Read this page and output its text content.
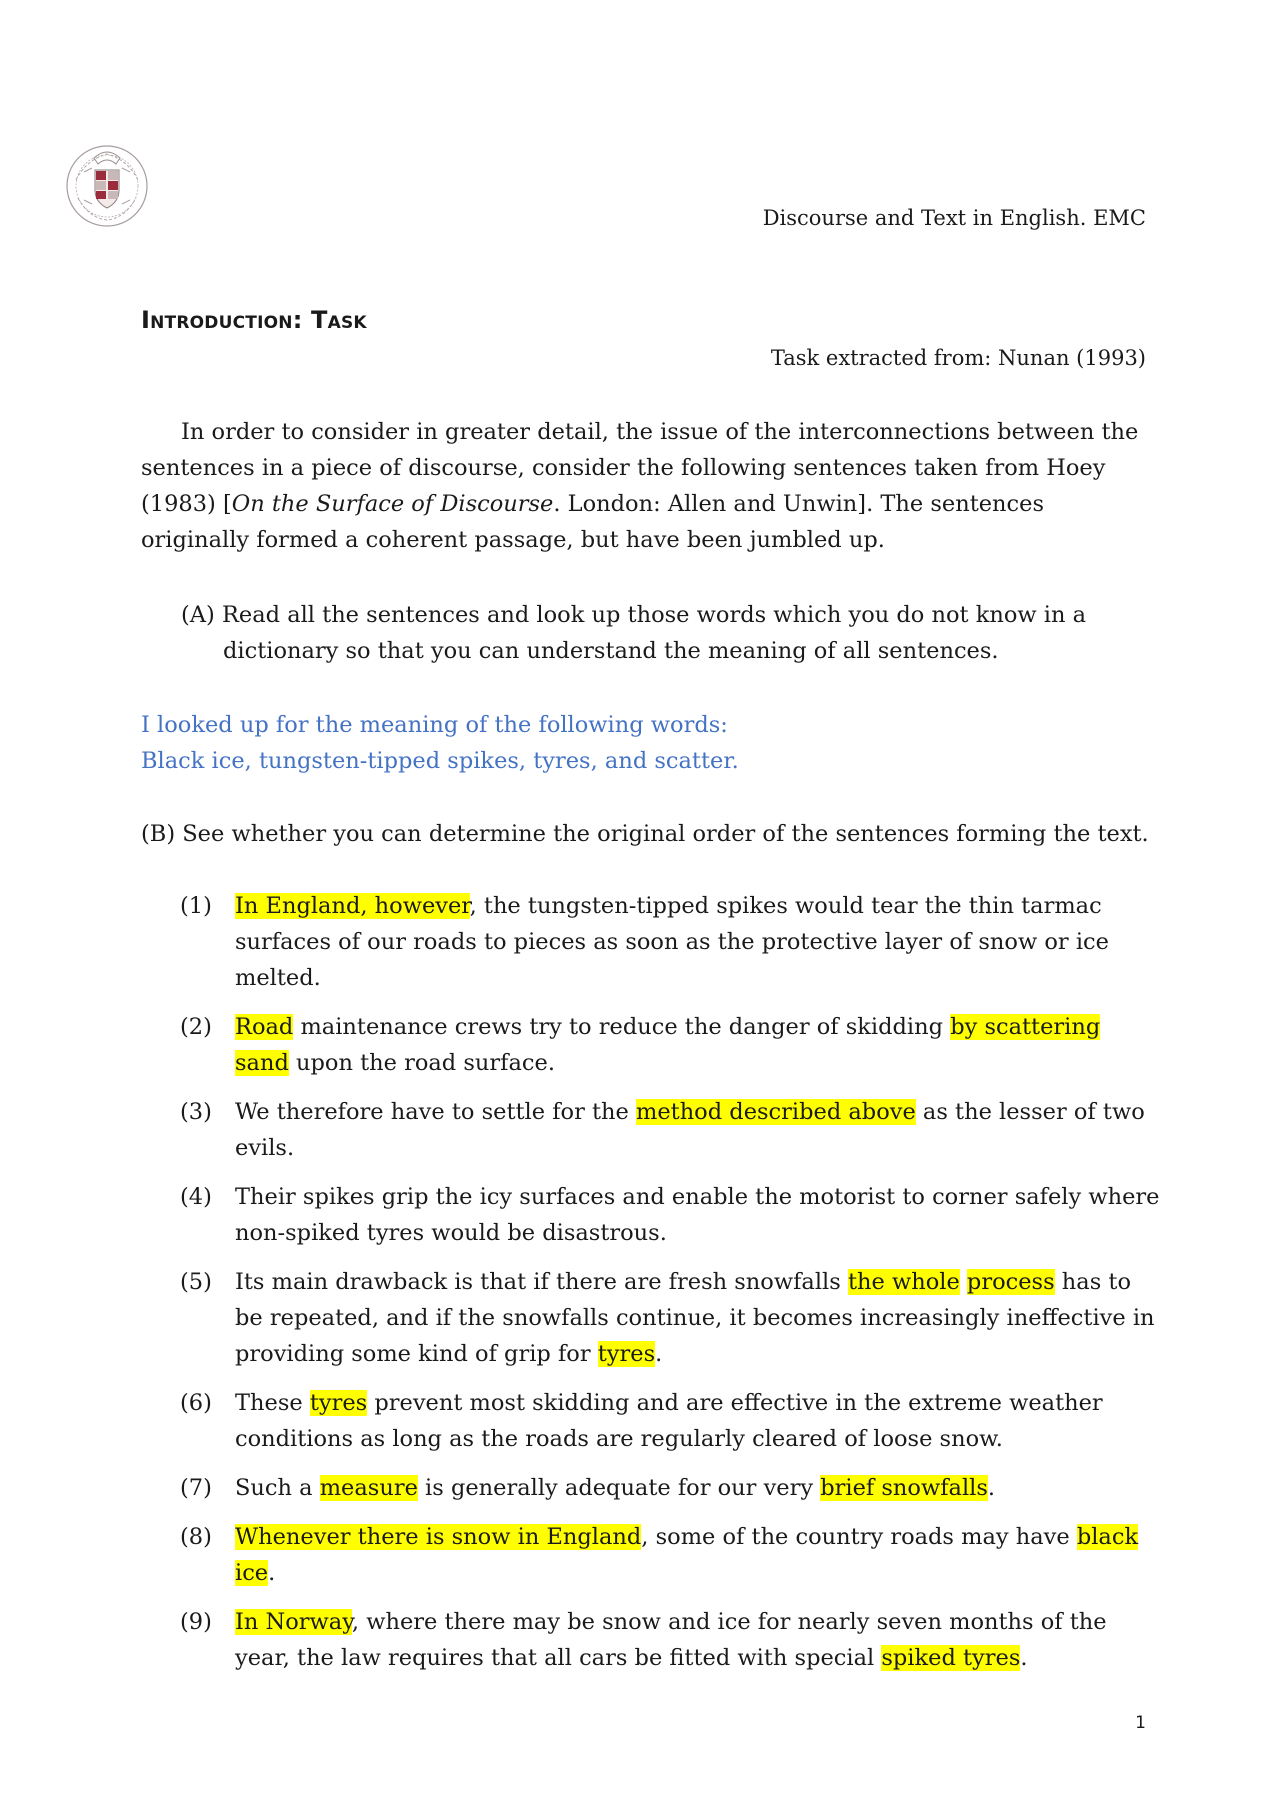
Discourse and Text in English. EMC
Introduction: Task
Task extracted from: Nunan (1993)

In order to consider in greater detail, the issue of the interconnections between the sentences in a piece of discourse, consider the following sentences taken from Hoey (1983) [On the Surface of Discourse. London: Allen and Unwin]. The sentences originally formed a coherent passage, but have been jumbled up.

(A) Read all the sentences and look up those words which you do not know in a dictionary so that you can understand the meaning of all sentences.

I looked up for the meaning of the following words:
Black ice, tungsten-tipped spikes, tyres, and scatter.

(B) See whether you can determine the original order of the sentences forming the text.

(1) In England, however, the tungsten-tipped spikes would tear the thin tarmac surfaces of our roads to pieces as soon as the protective layer of snow or ice melted.
(2) Road maintenance crews try to reduce the danger of skidding by scattering sand upon the road surface.
(3) We therefore have to settle for the method described above as the lesser of two evils.
(4) Their spikes grip the icy surfaces and enable the motorist to corner safely where non-spiked tyres would be disastrous.
(5) Its main drawback is that if there are fresh snowfalls the whole process has to be repeated, and if the snowfalls continue, it becomes increasingly ineffective in providing some kind of grip for tyres.
(6) These tyres prevent most skidding and are effective in the extreme weather conditions as long as the roads are regularly cleared of loose snow.
(7) Such a measure is generally adequate for our very brief snowfalls.
(8) Whenever there is snow in England, some of the country roads may have black ice.
(9) In Norway, where there may be snow and ice for nearly seven months of the year, the law requires that all cars be fitted with special spiked tyres.
1
